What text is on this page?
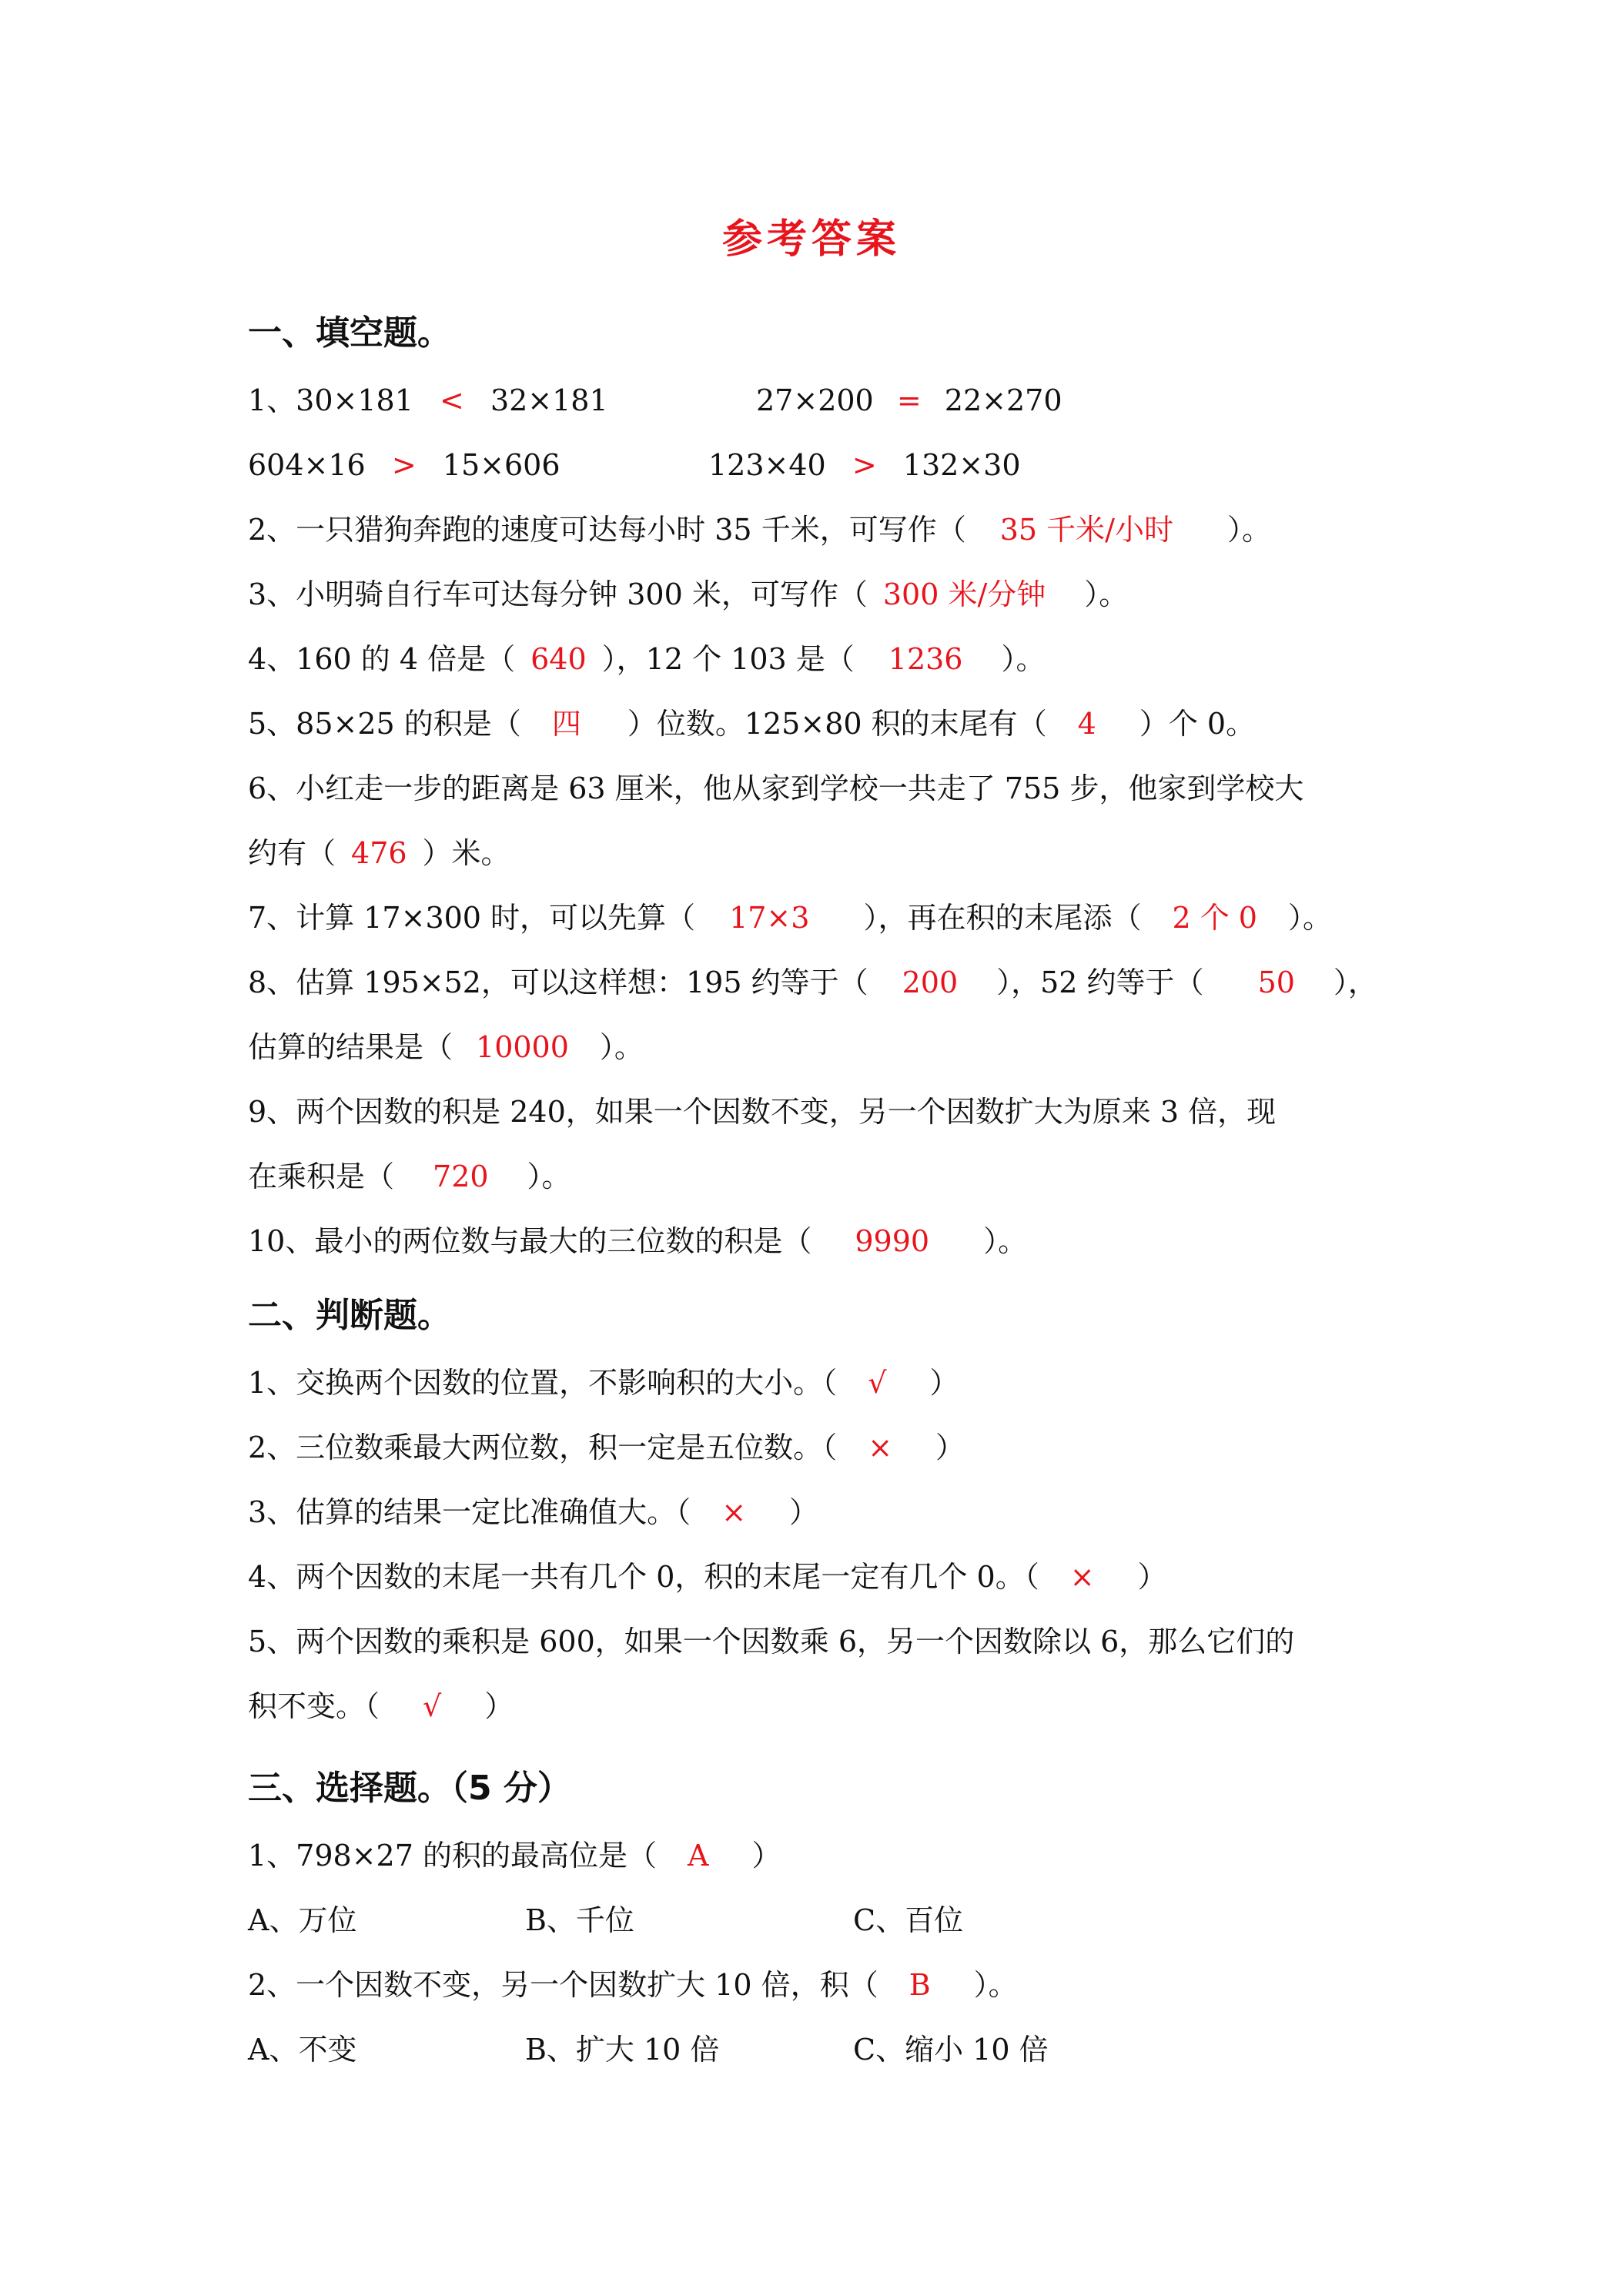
参考答案
一、填空题。
1、30×181 < 32×181	27×200 = 22×270
604×16 > 15×606	123×40 > 132×30
2、一只猎狗奔跑的速度可达每小时 35 千米，可写作（ 35 千米/小时 ）。
3、小明骑自行车可达每分钟 300 米，可写作（ 300 米/分钟 ）。
4、160 的 4 倍是（ 640 ），12 个 103 是（ 1236 ）。
5、85×25 的积是（ 四 ）位数。125×80 积的末尾有（ 4 ）个 0。
6、小红走一步的距离是 63 厘米，他从家到学校一共走了 755 步，他家到学校大
约有（ 476 ）米。
7、计算 17×300 时，可以先算（ 17×3 ），再在积的末尾添（ 2 个 0 ）。
8、估算 195×52，可以这样想：195 约等于（ 200 ），52 约等于（ 50 ），
估算的结果是（ 10000 ）。
9、两个因数的积是 240，如果一个因数不变，另一个因数扩大为原来 3 倍，现
在乘积是（ 720 ）。
10、最小的两位数与最大的三位数的积是（ 9990 ）。
二、判断题。
1、交换两个因数的位置，不影响积的大小。（ √ ）
2、三位数乘最大两位数，积一定是五位数。（ × ）
3、估算的结果一定比准确值大。（ × ）
4、两个因数的末尾一共有几个 0，积的末尾一定有几个 0。（ × ）
5、两个因数的乘积是 600，如果一个因数乘 6，另一个因数除以 6，那么它们的
积不变。（ √ ）
三、选择题。（5 分）
1、798×27 的积的最高位是（ A ）
A、万位	B、千位	C、百位
2、一个因数不变，另一个因数扩大 10 倍，积（ B ）。
A、不变	B、扩大 10 倍	C、缩小 10 倍
